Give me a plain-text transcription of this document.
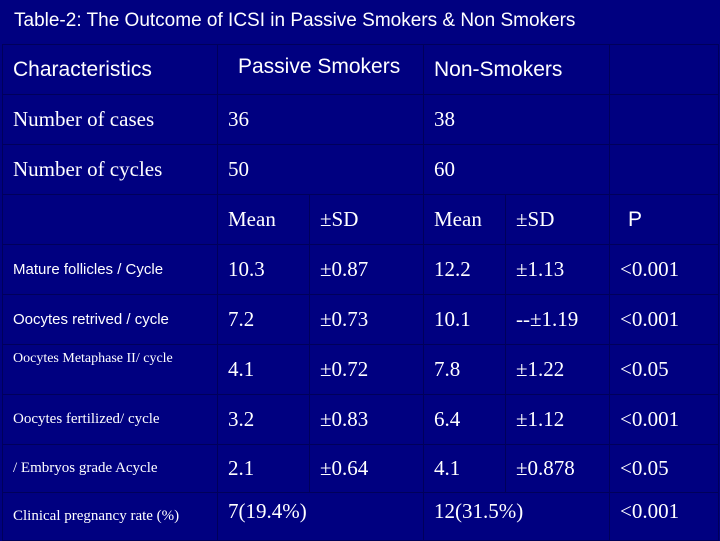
Table-2: The Outcome of ICSI in Passive Smokers & Non Smokers
Characteristics	Passive Smokers		Non-Smokers		
Number of cases	36		38		
Number of cycles	50		60		
	Mean	±SD	Mean	±SD	P
Mature follicles / Cycle	10.3	±0.87	12.2	±1.13	<0.001
Oocytes retrived / cycle	7.2	±0.73	10.1	--±1.19	<0.001
Oocytes Metaphase II/ cycle	4.1	±0.72	7.8	±1.22	<0.05
Oocytes fertilized/ cycle	3.2	±0.83	6.4	±1.12	<0.001
/ Embryos grade Acycle	2.1	±0.64	4.1	±0.878	<0.05
Clinical pregnancy rate (%)	7(19.4%)		12(31.5%)		<0.001
